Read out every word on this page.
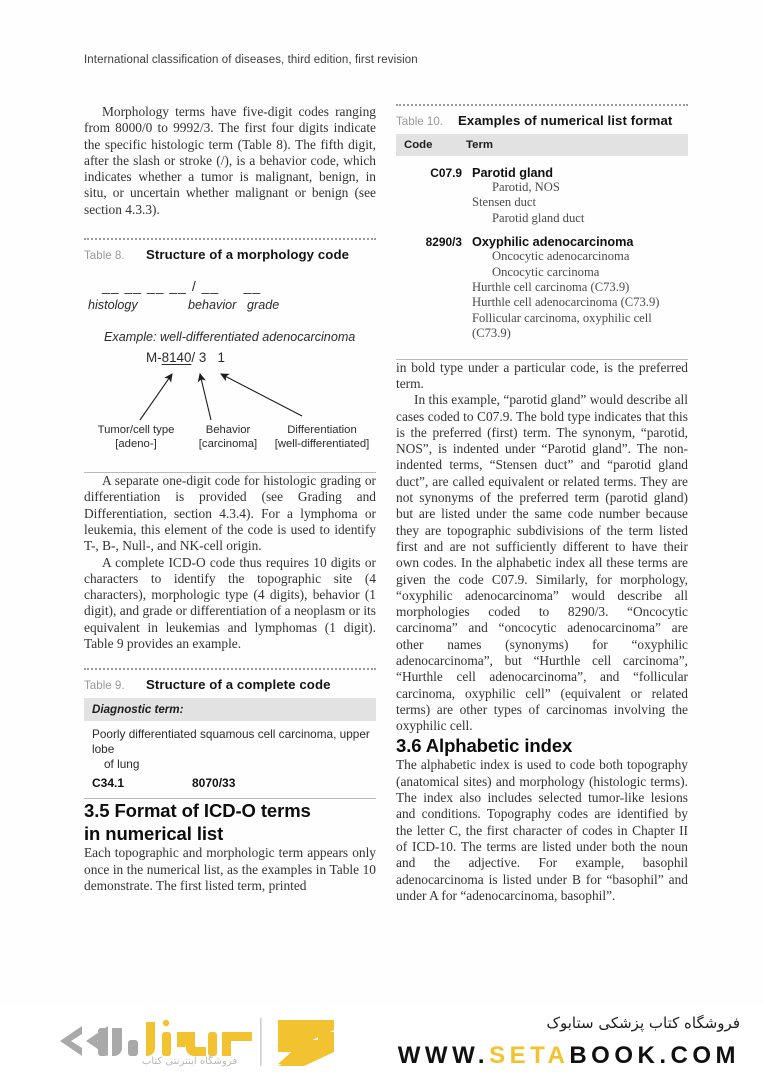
International classification of diseases, third edition, first revision

Morphology terms have five-digit codes ranging from 8000/0 to 9992/3. The first four digits indicate the specific histologic term (Table 8). The fifth digit, after the slash or stroke (/), is a behavior code, which indicates whether a tumor is malignant, benign, in situ, or uncertain whether malignant or benign (see section 4.3.3).

Table 8.	Structure of a morphology code
__ __ __ __ / __     __
histology	behavior grade
Example: well-differentiated adenocarcinoma
M-8140/ 3 1
Tumor/cell type
[adeno-]
Behavior
[carcinoma]
Differentiation
[well-differentiated]

A separate one-digit code for histologic grading or differentiation is provided (see Grading and Differentiation, section 4.3.4). For a lymphoma or leukemia, this element of the code is used to identify T-, B-, Null-, and NK-cell origin.

A complete ICD-O code thus requires 10 digits or characters to identify the topographic site (4 characters), morphologic type (4 digits), behavior (1 digit), and grade or differentiation of a neoplasm or its equivalent in leukemias and lymphomas (1 digit). Table 9 provides an example.

Table 9.	Structure of a complete code
Diagnostic term:
Poorly differentiated squamous cell carcinoma, upper lobe
of lung
C34.1	8070/33
3.5 Format of ICD-O terms
in numerical list

Each topographic and morphologic term appears only once in the numerical list, as the examples in Table 10 demonstrate. The first listed term, printed

Table 10.	Examples of numerical list format
Code	Term
C07.9 Parotid gland
Parotid, NOS
Stensen duct
Parotid gland duct
8290/3 Oxyphilic adenocarcinoma
Oncocytic adenocarcinoma
Oncocytic carcinoma
Hurthle cell carcinoma (C73.9)
Hurthle cell adenocarcinoma (C73.9)
Follicular carcinoma, oxyphilic cell (C73.9)

in bold type under a particular code, is the preferred term.

In this example, “parotid gland” would describe all cases coded to C07.9. The bold type indicates that this is the preferred (first) term. The synonym, “parotid, NOS”, is indented under “Parotid gland”. The non-indented terms, “Stensen duct” and “parotid gland duct”, are called equivalent or related terms. They are not synonyms of the preferred term (parotid gland) but are listed under the same code number because they are topographic subdivisions of the term listed first and are not sufficiently different to have their own codes. In the alphabetic index all these terms are given the code C07.9. Similarly, for morphology, “oxyphilic adenocarcinoma” would describe all morphologies coded to 8290/3. “Oncocytic carcinoma” and “oncocytic adenocarcinoma” are other names (synonyms) for “oxyphilic adenocarcinoma”, but “Hurthle cell carcinoma”, “Hurthle cell adenocarcinoma”, and “follicular carcinoma, oxyphilic cell” (equivalent or related terms) are other types of carcinomas involving the oxyphilic cell.

3.6 Alphabetic index

The alphabetic index is used to code both topography (anatomical sites) and morphology (histologic terms). The index also includes selected tumor-like lesions and conditions. Topography codes are identified by the letter C, the first character of codes in Chapter II of ICD-10. The terms are listed under both the noun and the adjective. For example, basophil adenocarcinoma is listed under B for “basophil” and under A for “adenocarcinoma, basophil”.

فروشگاه اینترنتی کتاب
فروشگاه کتاب پزشکی ستابوک
WWW.SETABOOK.COM
